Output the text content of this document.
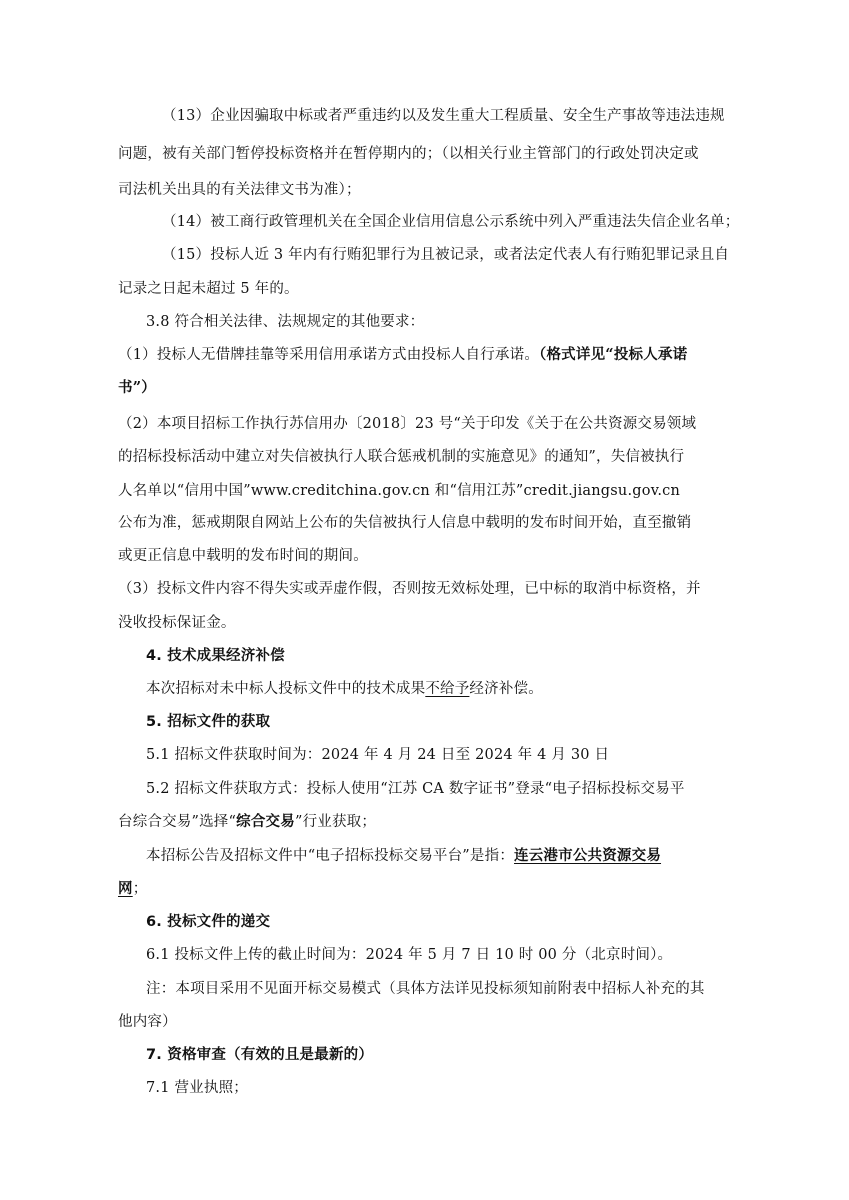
（13）企业因骗取中标或者严重违约以及发生重大工程质量、安全生产事故等违法违规
问题，被有关部门暂停投标资格并在暂停期内的；（以相关行业主管部门的行政处罚决定或
司法机关出具的有关法律文书为准）；
（14）被工商行政管理机关在全国企业信用信息公示系统中列入严重违法失信企业名单；
（15）投标人近 3 年内有行贿犯罪行为且被记录，或者法定代表人有行贿犯罪记录且自
记录之日起未超过 5 年的。
3.8 符合相关法律、法规规定的其他要求：
（1）投标人无借牌挂靠等采用信用承诺方式由投标人自行承诺。（格式详见“投标人承诺
书”）
（2）本项目招标工作执行苏信用办〔2018〕23 号“关于印发《关于在公共资源交易领域
的招标投标活动中建立对失信被执行人联合惩戒机制的实施意见》的通知”，失信被执行
人名单以“信用中国”www.creditchina.gov.cn 和“信用江苏”credit.jiangsu.gov.cn
公布为准，惩戒期限自网站上公布的失信被执行人信息中载明的发布时间开始，直至撤销
或更正信息中载明的发布时间的期间。
（3）投标文件内容不得失实或弄虚作假，否则按无效标处理，已中标的取消中标资格，并
没收投标保证金。
4. 技术成果经济补偿
本次招标对未中标人投标文件中的技术成果不给予经济补偿。
5. 招标文件的获取
5.1 招标文件获取时间为：2024 年 4 月 24 日至 2024 年 4 月 30 日
5.2 招标文件获取方式：投标人使用“江苏 CA 数字证书”登录“电子招标投标交易平
台综合交易”选择“综合交易”行业获取；
本招标公告及招标文件中“电子招标投标交易平台”是指：连云港市公共资源交易
网；
6. 投标文件的递交
6.1 投标文件上传的截止时间为：2024 年 5 月 7 日 10 时 00 分（北京时间）。
注：本项目采用不见面开标交易模式（具体方法详见投标须知前附表中招标人补充的其
他内容）
7. 资格审查（有效的且是最新的）
7.1 营业执照；
